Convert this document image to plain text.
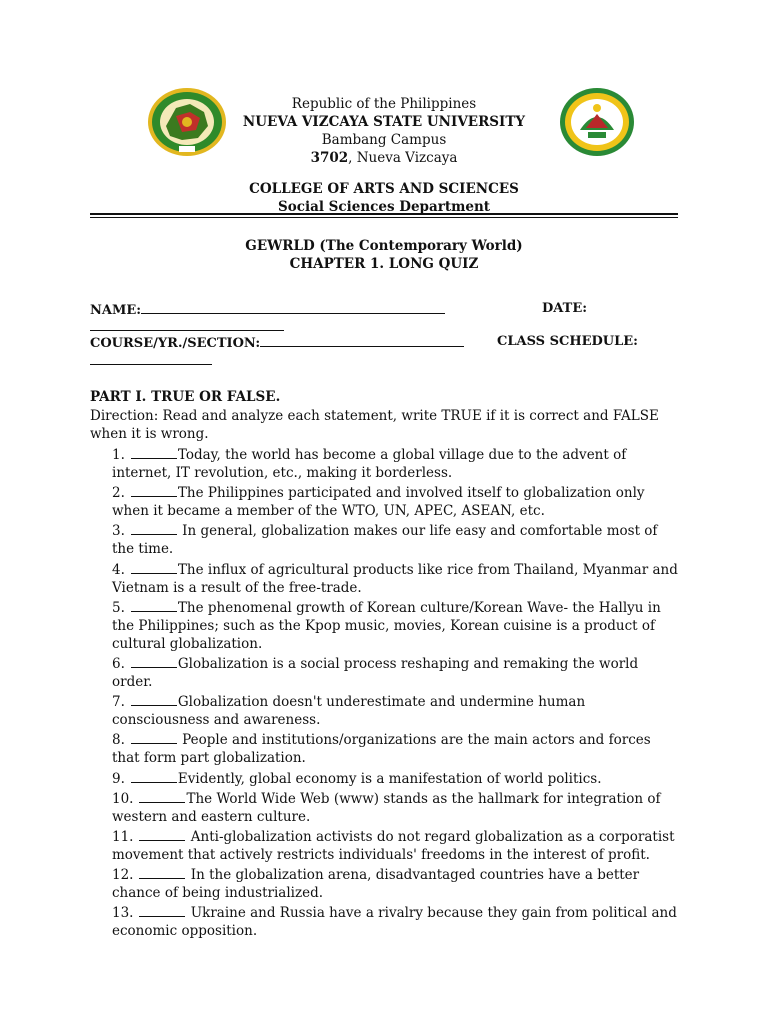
Republic of the Philippines
NUEVA VIZCAYA STATE UNIVERSITY
Bambang Campus
3702, Nueva Vizcaya
COLLEGE OF ARTS AND SCIENCES
Social Sciences Department
GEWRLD (The Contemporary World)
CHAPTER 1. LONG QUIZ
NAME:	DATE:
COURSE/YR./SECTION:	CLASS SCHEDULE:
PART I. TRUE OR FALSE.
Direction: Read and analyze each statement, write TRUE if it is correct and FALSE when it is wrong.
1.	Today, the world has become a global village due to the advent of internet, IT revolution, etc., making it borderless.
2.	The Philippines participated and involved itself to globalization only when it became a member of the WTO, UN, APEC, ASEAN, etc.
3.	In general, globalization makes our life easy and comfortable most of the time.
4.	The influx of agricultural products like rice from Thailand, Myanmar and Vietnam is a result of the free-trade.
5.	The phenomenal growth of Korean culture/Korean Wave- the Hallyu in the Philippines; such as the Kpop music, movies, Korean cuisine is a product of cultural globalization.
6.	Globalization is a social process reshaping and remaking the world order.
7.	Globalization doesn't underestimate and undermine human consciousness and awareness.
8.	People and institutions/organizations are the main actors and forces that form part globalization.
9.	Evidently, global economy is a manifestation of world politics.
10.	The World Wide Web (www) stands as the hallmark for integration of western and eastern culture.
11.	Anti-globalization activists do not regard globalization as a corporatist movement that actively restricts individuals' freedoms in the interest of profit.
12.	In the globalization arena, disadvantaged countries have a better chance of being industrialized.
13.	Ukraine and Russia have a rivalry because they gain from political and economic opposition.
